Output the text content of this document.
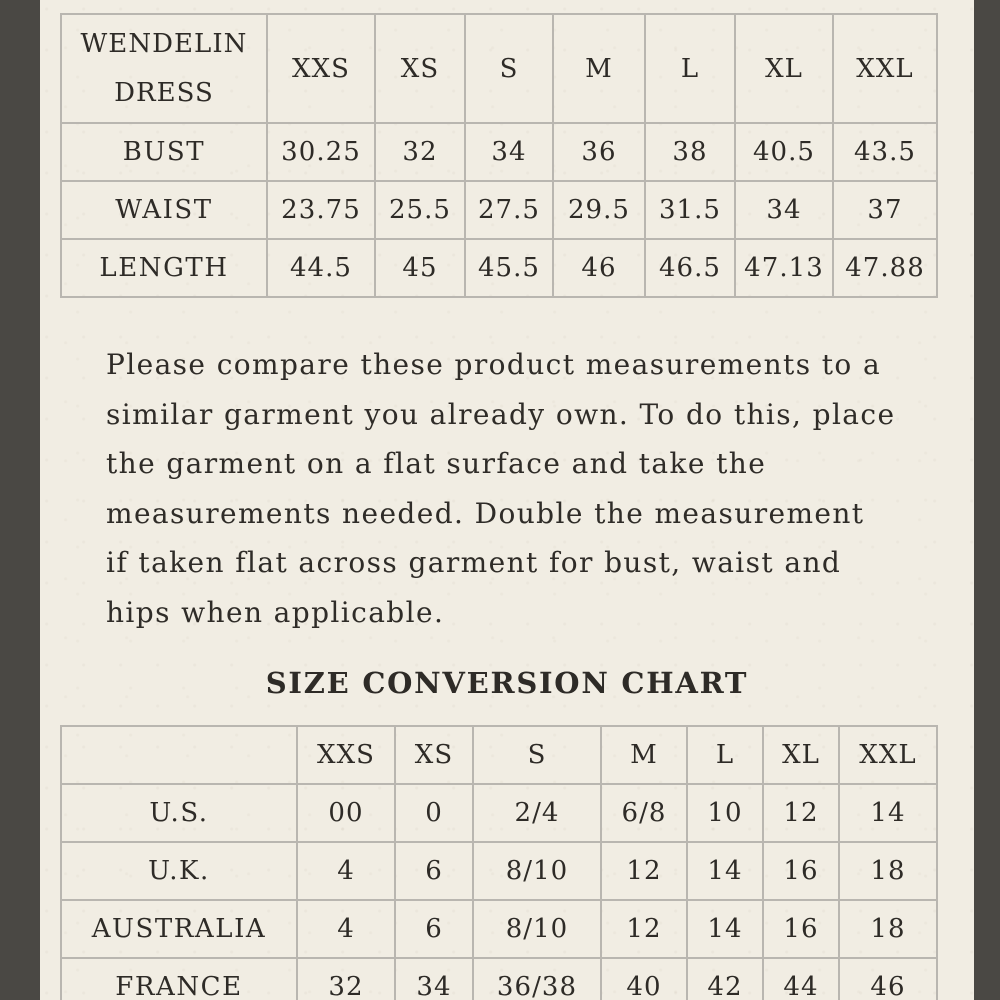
WENDELIN
DRESS	XXS	XS	S	M	L	XL	XXL
BUST	30.25	32	34	36	38	40.5	43.5
WAIST	23.75	25.5	27.5	29.5	31.5	34	37
LENGTH	44.5	45	45.5	46	46.5	47.13	47.88

Please compare these product measurements to a similar garment you already own. To do this, place the garment on a flat surface and take the measurements needed. Double the measurement if taken flat across garment for bust, waist and hips when applicable.

SIZE CONVERSION CHART
	XXS	XS	S	M	L	XL	XXL
U.S.	00	0	2/4	6/8	10	12	14
U.K.	4	6	8/10	12	14	16	18
AUSTRALIA	4	6	8/10	12	14	16	18
FRANCE	32	34	36/38	40	42	44	46
